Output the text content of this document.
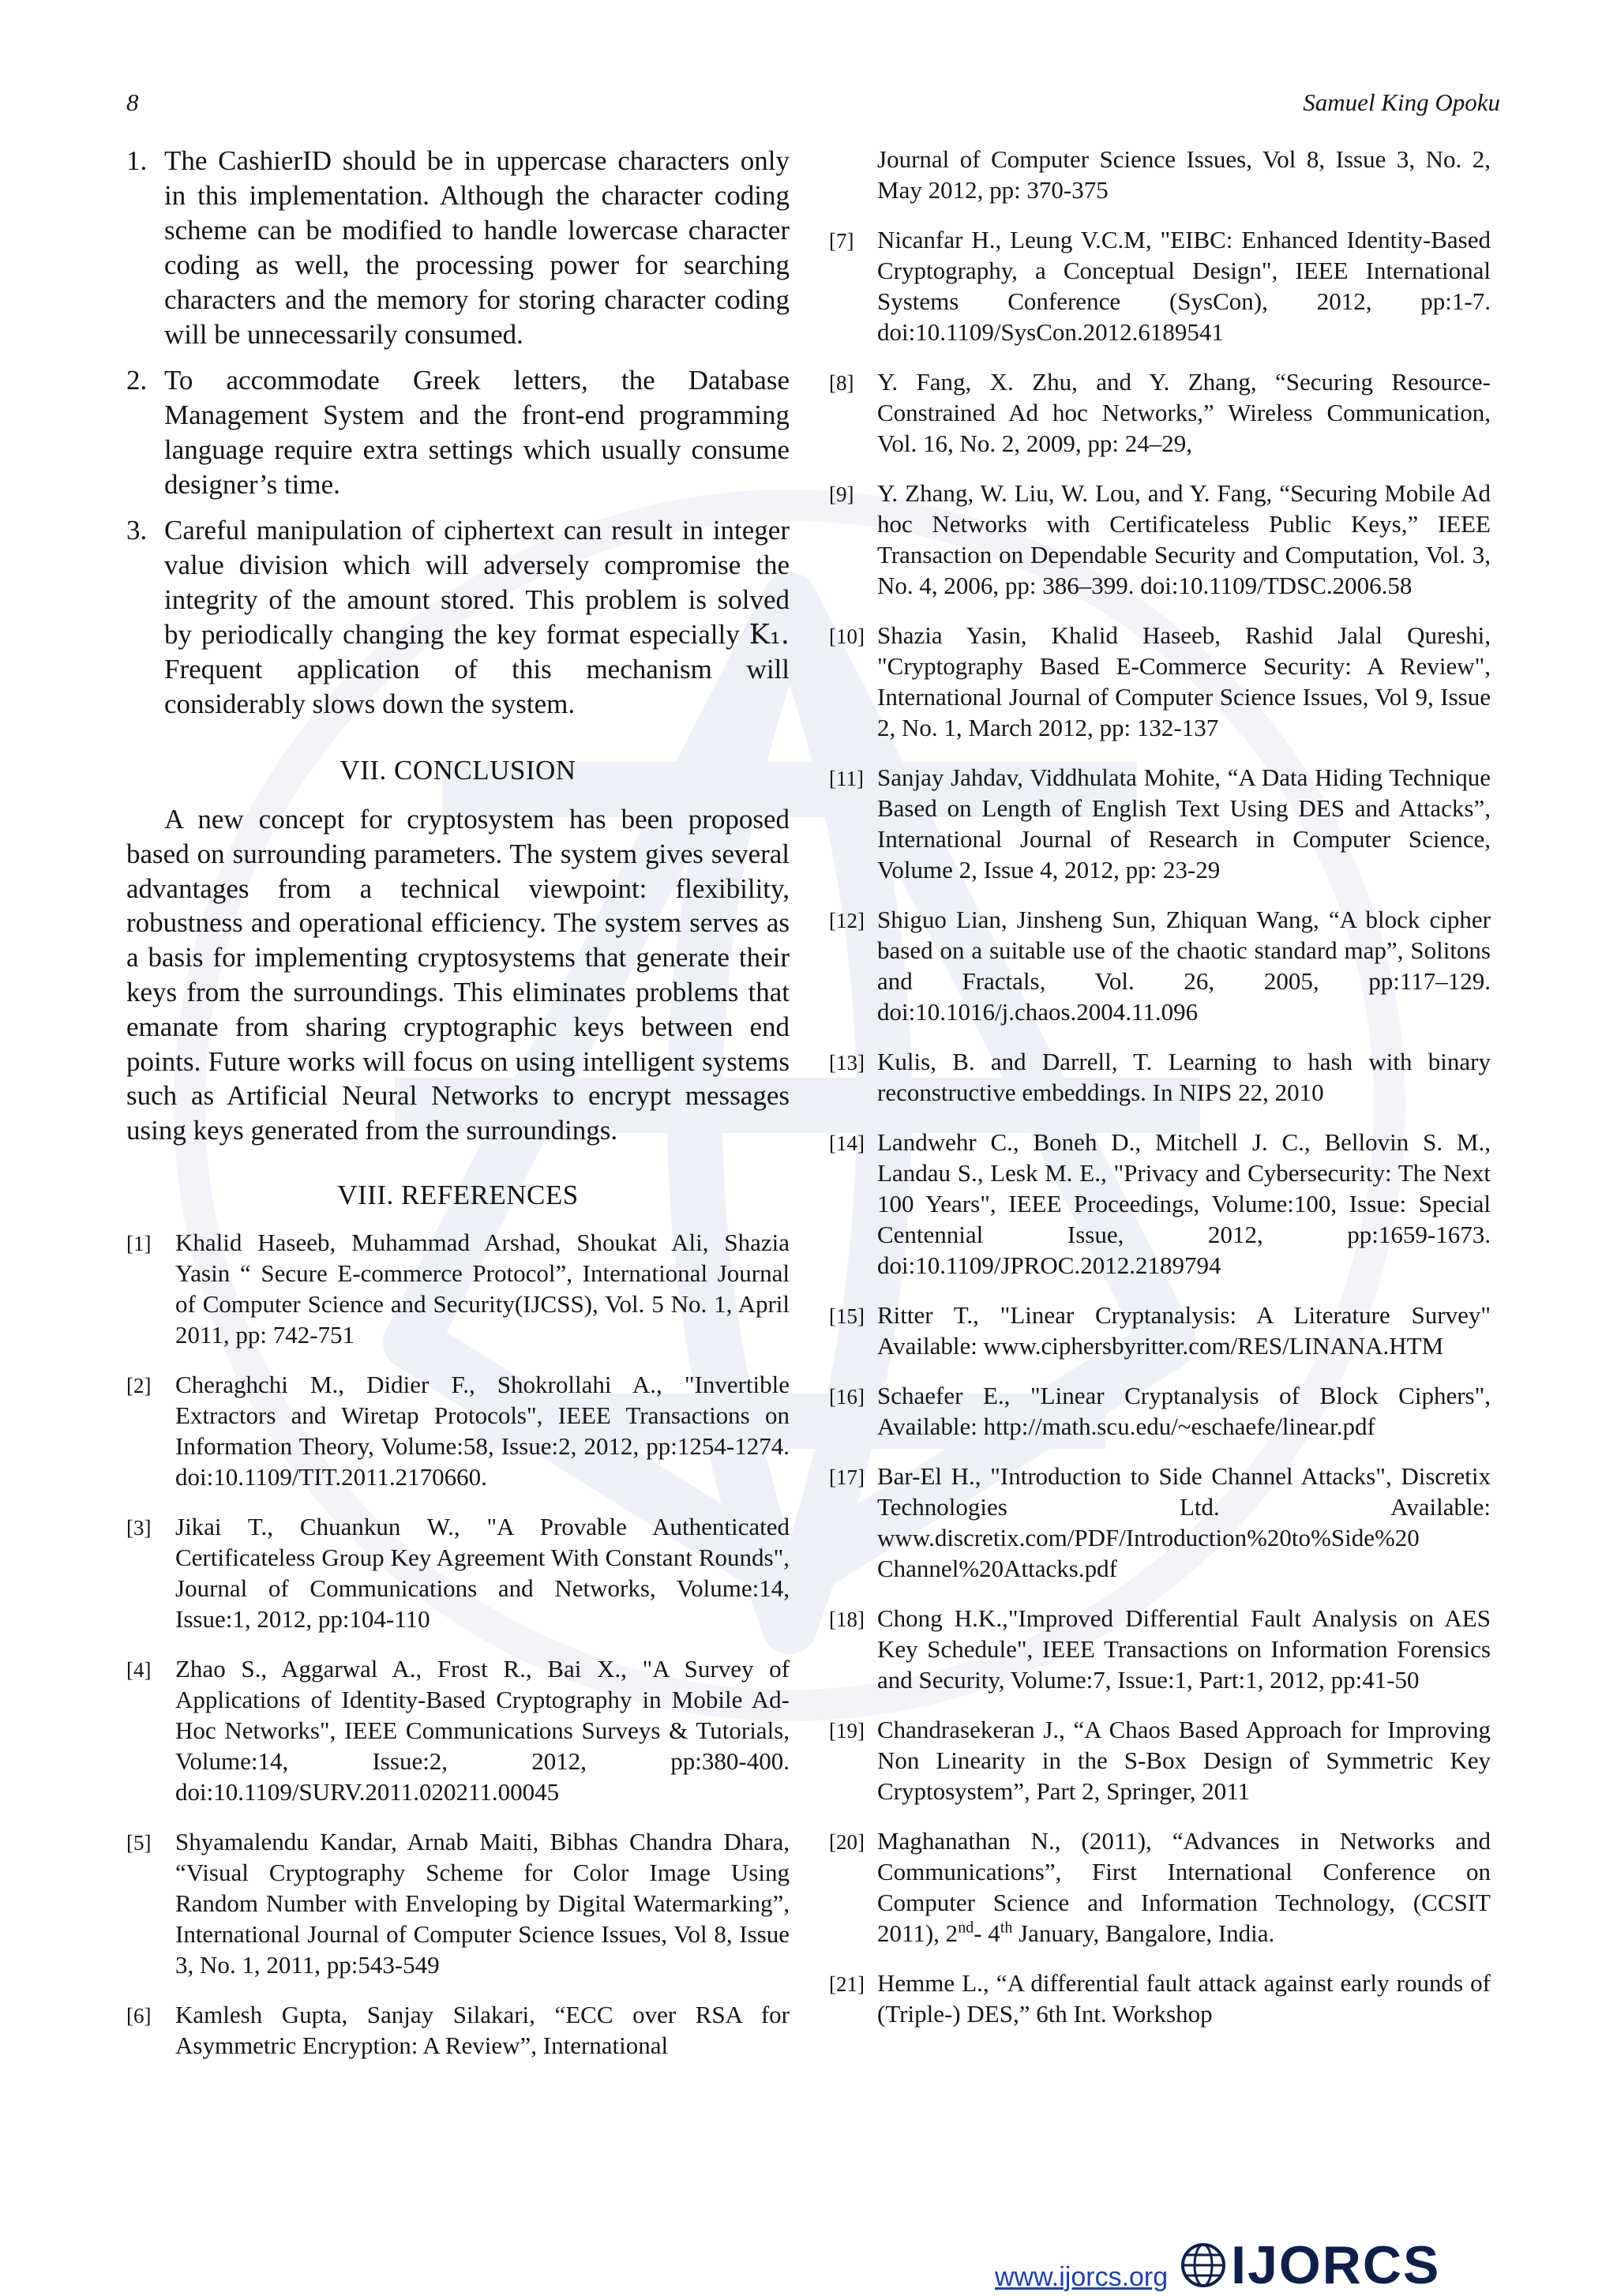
8	Samuel King Opoku
1. The CashierID should be in uppercase characters only in this implementation. Although the character coding scheme can be modified to handle lowercase character coding as well, the processing power for searching characters and the memory for storing character coding will be unnecessarily consumed.
2. To accommodate Greek letters, the Database Management System and the front-end programming language require extra settings which usually consume designer’s time.
3. Careful manipulation of ciphertext can result in integer value division which will adversely compromise the integrity of the amount stored. This problem is solved by periodically changing the key format especially K₁. Frequent application of this mechanism will considerably slows down the system.
VII. CONCLUSION

A new concept for cryptosystem has been proposed based on surrounding parameters. The system gives several advantages from a technical viewpoint: flexibility, robustness and operational efficiency. The system serves as a basis for implementing cryptosystems that generate their keys from the surroundings. This eliminates problems that emanate from sharing cryptographic keys between end points. Future works will focus on using intelligent systems such as Artificial Neural Networks to encrypt messages using keys generated from the surroundings.

VIII. REFERENCES
[1] Khalid Haseeb, Muhammad Arshad, Shoukat Ali, Shazia Yasin “ Secure E-commerce Protocol”, International Journal of Computer Science and Security(IJCSS), Vol. 5 No. 1, April 2011, pp: 742-751
[2] Cheraghchi M., Didier F., Shokrollahi A., "Invertible Extractors and Wiretap Protocols", IEEE Transactions on Information Theory, Volume:58, Issue:2, 2012, pp:1254-1274. doi:10.1109/TIT.2011.2170660.
[3] Jikai T., Chuankun W., "A Provable Authenticated Certificateless Group Key Agreement With Constant Rounds", Journal of Communications and Networks, Volume:14, Issue:1, 2012, pp:104-110
[4] Zhao S., Aggarwal A., Frost R., Bai X., "A Survey of Applications of Identity-Based Cryptography in Mobile Ad-Hoc Networks", IEEE Communications Surveys & Tutorials, Volume:14, Issue:2, 2012, pp:380-400. doi:10.1109/SURV.2011.020211.00045
[5] Shyamalendu Kandar, Arnab Maiti, Bibhas Chandra Dhara, “Visual Cryptography Scheme for Color Image Using Random Number with Enveloping by Digital Watermarking”, International Journal of Computer Science Issues, Vol 8, Issue 3, No. 1, 2011, pp:543-549
[6] Kamlesh Gupta, Sanjay Silakari, “ECC over RSA for Asymmetric Encryption: A Review”, International
Journal of Computer Science Issues, Vol 8, Issue 3, No. 2, May 2012, pp: 370-375
[7] Nicanfar H., Leung V.C.M, "EIBC: Enhanced Identity-Based Cryptography, a Conceptual Design", IEEE International Systems Conference (SysCon), 2012, pp:1-7. doi:10.1109/SysCon.2012.6189541
[8] Y. Fang, X. Zhu, and Y. Zhang, “Securing Resource-Constrained Ad hoc Networks,” Wireless Communication, Vol. 16, No. 2, 2009, pp: 24–29,
[9] Y. Zhang, W. Liu, W. Lou, and Y. Fang, “Securing Mobile Ad hoc Networks with Certificateless Public Keys,” IEEE Transaction on Dependable Security and Computation, Vol. 3, No. 4, 2006, pp: 386–399. doi:10.1109/TDSC.2006.58
[10] Shazia Yasin, Khalid Haseeb, Rashid Jalal Qureshi, "Cryptography Based E-Commerce Security: A Review", International Journal of Computer Science Issues, Vol 9, Issue 2, No. 1, March 2012, pp: 132-137
[11] Sanjay Jahdav, Viddhulata Mohite, “A Data Hiding Technique Based on Length of English Text Using DES and Attacks”, International Journal of Research in Computer Science, Volume 2, Issue 4, 2012, pp: 23-29
[12] Shiguo Lian, Jinsheng Sun, Zhiquan Wang, “A block cipher based on a suitable use of the chaotic standard map”, Solitons and Fractals, Vol. 26, 2005, pp:117–129. doi:10.1016/j.chaos.2004.11.096
[13] Kulis, B. and Darrell, T. Learning to hash with binary reconstructive embeddings. In NIPS 22, 2010
[14] Landwehr C., Boneh D., Mitchell J. C., Bellovin S. M., Landau S., Lesk M. E., "Privacy and Cybersecurity: The Next 100 Years", IEEE Proceedings, Volume:100, Issue: Special Centennial Issue, 2012, pp:1659-1673. doi:10.1109/JPROC.2012.2189794
[15] Ritter T., "Linear Cryptanalysis: A Literature Survey" Available: www.ciphersbyritter.com/RES/LINANA.HTM
[16] Schaefer E., "Linear Cryptanalysis of Block Ciphers", Available: http://math.scu.edu/~eschaefe/linear.pdf
[17] Bar-El H., "Introduction to Side Channel Attacks", Discretix Technologies Ltd. Available: www.discretix.com/PDF/Introduction%20to%Side%20 Channel%20Attacks.pdf
[18] Chong H.K.,"Improved Differential Fault Analysis on AES Key Schedule", IEEE Transactions on Information Forensics and Security, Volume:7, Issue:1, Part:1, 2012, pp:41-50
[19] Chandrasekeran J., “A Chaos Based Approach for Improving Non Linearity in the S-Box Design of Symmetric Key Cryptosystem”, Part 2, Springer, 2011
[20] Maghanathan N., (2011), “Advances in Networks and Communications”, First International Conference on Computer Science and Information Technology, (CCSIT 2011), 2nd- 4th January, Bangalore, India.
[21] Hemme L., “A differential fault attack against early rounds of (Triple-) DES,” 6th Int. Workshop
www.ijorcs.org IJORCS
